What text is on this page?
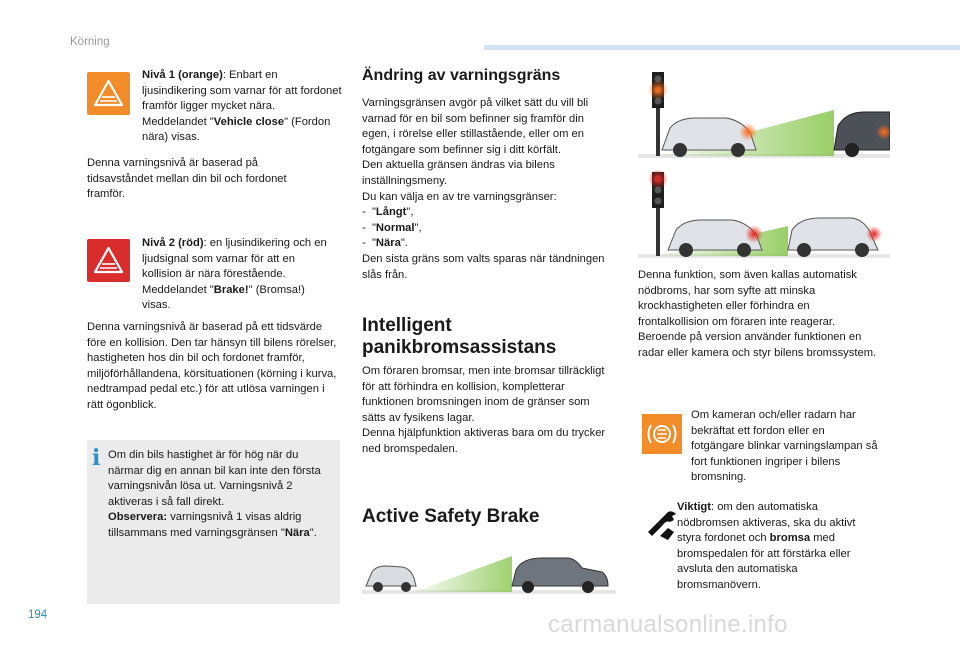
Körning

Nivå 1 (orange): Enbart en ljusindikering som varnar för att fordonet framför ligger mycket nära. Meddelandet "Vehicle close" (Fordon nära) visas.

Denna varningsnivå är baserad på tidsavståndet mellan din bil och fordonet framför.

Nivå 2 (röd): en ljusindikering och en ljudsignal som varnar för att en kollision är nära förestående. Meddelandet "Brake!" (Bromsa!) visas.

Denna varningsnivå är baserad på ett tidsvärde före en kollision. Den tar hänsyn till bilens rörelser, hastigheten hos din bil och fordonet framför, miljöförhållandena, körsituationen (körning i kurva, nedtrampad pedal etc.) för att utlösa varningen i rätt ögonblick.

i Om din bils hastighet är för hög när du närmar dig en annan bil kan inte den första varningsnivån lösa ut. Varningsnivå 2 aktiveras i så fall direkt.
Observera: varningsnivå 1 visas aldrig tillsammans med varningsgränsen "Nära".

Ändring av varningsgräns
Varningsgränsen avgör på vilket sätt du vill bli varnad för en bil som befinner sig framför din egen, i rörelse eller stillastående, eller om en fotgängare som befinner sig i ditt körfält.
Den aktuella gränsen ändras via bilens inställningsmeny.
Du kan välja en av tre varningsgränser:
-  "Långt",
-  "Normal",
-  "Nära".
Den sista gräns som valts sparas när tändningen slås från.
Intelligent
panikbromsassistans
Om föraren bromsar, men inte bromsar tillräckligt för att förhindra en kollision, kompletterar funktionen bromsningen inom de gränser som sätts av fysikens lagar.
Denna hjälpfunktion aktiveras bara om du trycker ned bromspedalen.
Active Safety Brake

Denna funktion, som även kallas automatisk nödbroms, har som syfte att minska krockhastigheten eller förhindra en frontalkollision om föraren inte reagerar. Beroende på version använder funktionen en radar eller kamera och styr bilens bromssystem.

Om kameran och/eller radarn har bekräftat ett fordon eller en fotgängare blinkar varningslampan så fort funktionen ingriper i bilens bromsning.

Viktigt: om den automatiska nödbromsen aktiveras, ska du aktivt styra fordonet och bromsa med bromspedalen för att förstärka eller avsluta den automatiska bromsmanövern.

194	carmanualsonline.info
